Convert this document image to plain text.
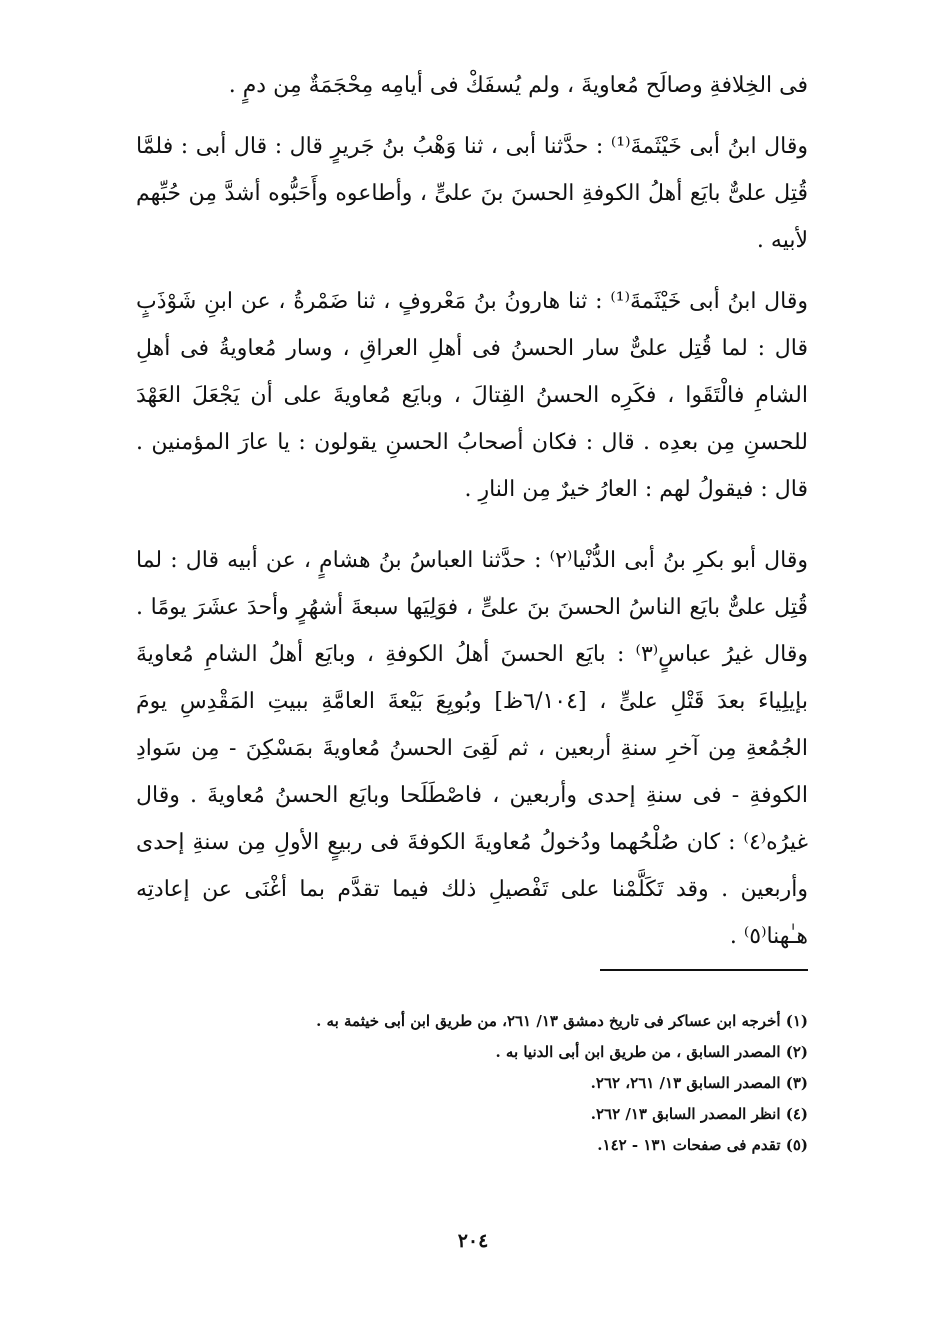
فى الخِلافةِ وصالَح مُعاويةَ ، ولم يُسفَكْ فى أيامِه مِحْجَمَةٌ مِن دمٍ .

وقال ابنُ أبى خَيْثَمةَ⁽¹⁾ : حدَّثنا أبى ، ثنا وَهْبُ بنُ جَريرٍ قال : قال أبى : فلمَّا قُتِل علىٌّ بايَع أهلُ الكوفةِ الحسنَ بنَ علىٍّ ، وأطاعوه وأَحَبُّوه أشدَّ مِن حُبِّهم لأبيه .

وقال ابنُ أبى خَيْثَمةَ⁽¹⁾ : ثنا هارونُ بنُ مَعْروفٍ ، ثنا ضَمْرةُ ، عن ابنِ شَوْذَبٍ قال : لما قُتِل علىٌّ سار الحسنُ فى أهلِ العراقِ ، وسار مُعاويةُ فى أهلِ الشامِ فالْتَقَوا ، فكَرِه الحسنُ القِتالَ ، وبايَع مُعاويةَ على أن يَجْعَلَ العَهْدَ للحسنِ مِن بعدِه . قال : فكان أصحابُ الحسنِ يقولون : يا عارَ المؤمنين . قال : فيقولُ لهم : العارُ خيرٌ مِن النارِ .

وقال أبو بكرِ بنُ أبى الدُّنْيا⁽٢⁾ : حدَّثنا العباسُ بنُ هشامٍ ، عن أبيه قال : لما قُتِل علىٌّ بايَع الناسُ الحسنَ بنَ علىٍّ ، فوَلِيَها سبعةَ أشهُرٍ وأحدَ عشَرَ يومًا . وقال غيرُ عباسٍ⁽٣⁾ : بايَع الحسنَ أهلُ الكوفةِ ، وبايَع أهلُ الشامِ مُعاويةَ بإيلِياءَ بعدَ قَتْلِ علىٍّ ، [٦/١٠٤ظ] وبُويِعَ بَيْعةَ العامَّةِ ببيتِ المَقْدِسِ يومَ الجُمُعةِ مِن آخرِ سنةِ أربعين ، ثم لَقِىَ الحسنُ مُعاويةَ بمَسْكِنَ - مِن سَوادِ الكوفةِ - فى سنةِ إحدى وأربعين ، فاصْطَلَحا وبايَع الحسنُ مُعاويةَ . وقال غيرُه⁽٤⁾ : كان صُلْحُهما ودُخولُ مُعاويةَ الكوفةَ فى ربيعٍ الأولِ مِن سنةِ إحدى وأربعين . وقد تَكَلَّمْنا على تَفْصيلِ ذلك فيما تقدَّم بما أغْنَى عن إعادتِه هـٰهنا⁽٥⁾ .

(١) أخرجه ابن عساكر فى تاريخ دمشق ١٣/ ٢٦١، من طريق ابن أبى خيثمة به .
(٢) المصدر السابق ، من طريق ابن أبى الدنيا به .
(٣) المصدر السابق ١٣/ ٢٦١، ٢٦٢.
(٤) انظر المصدر السابق ١٣/ ٢٦٢.
(٥) تقدم فى صفحات ١٣١ - ١٤٢.
٢٠٤
